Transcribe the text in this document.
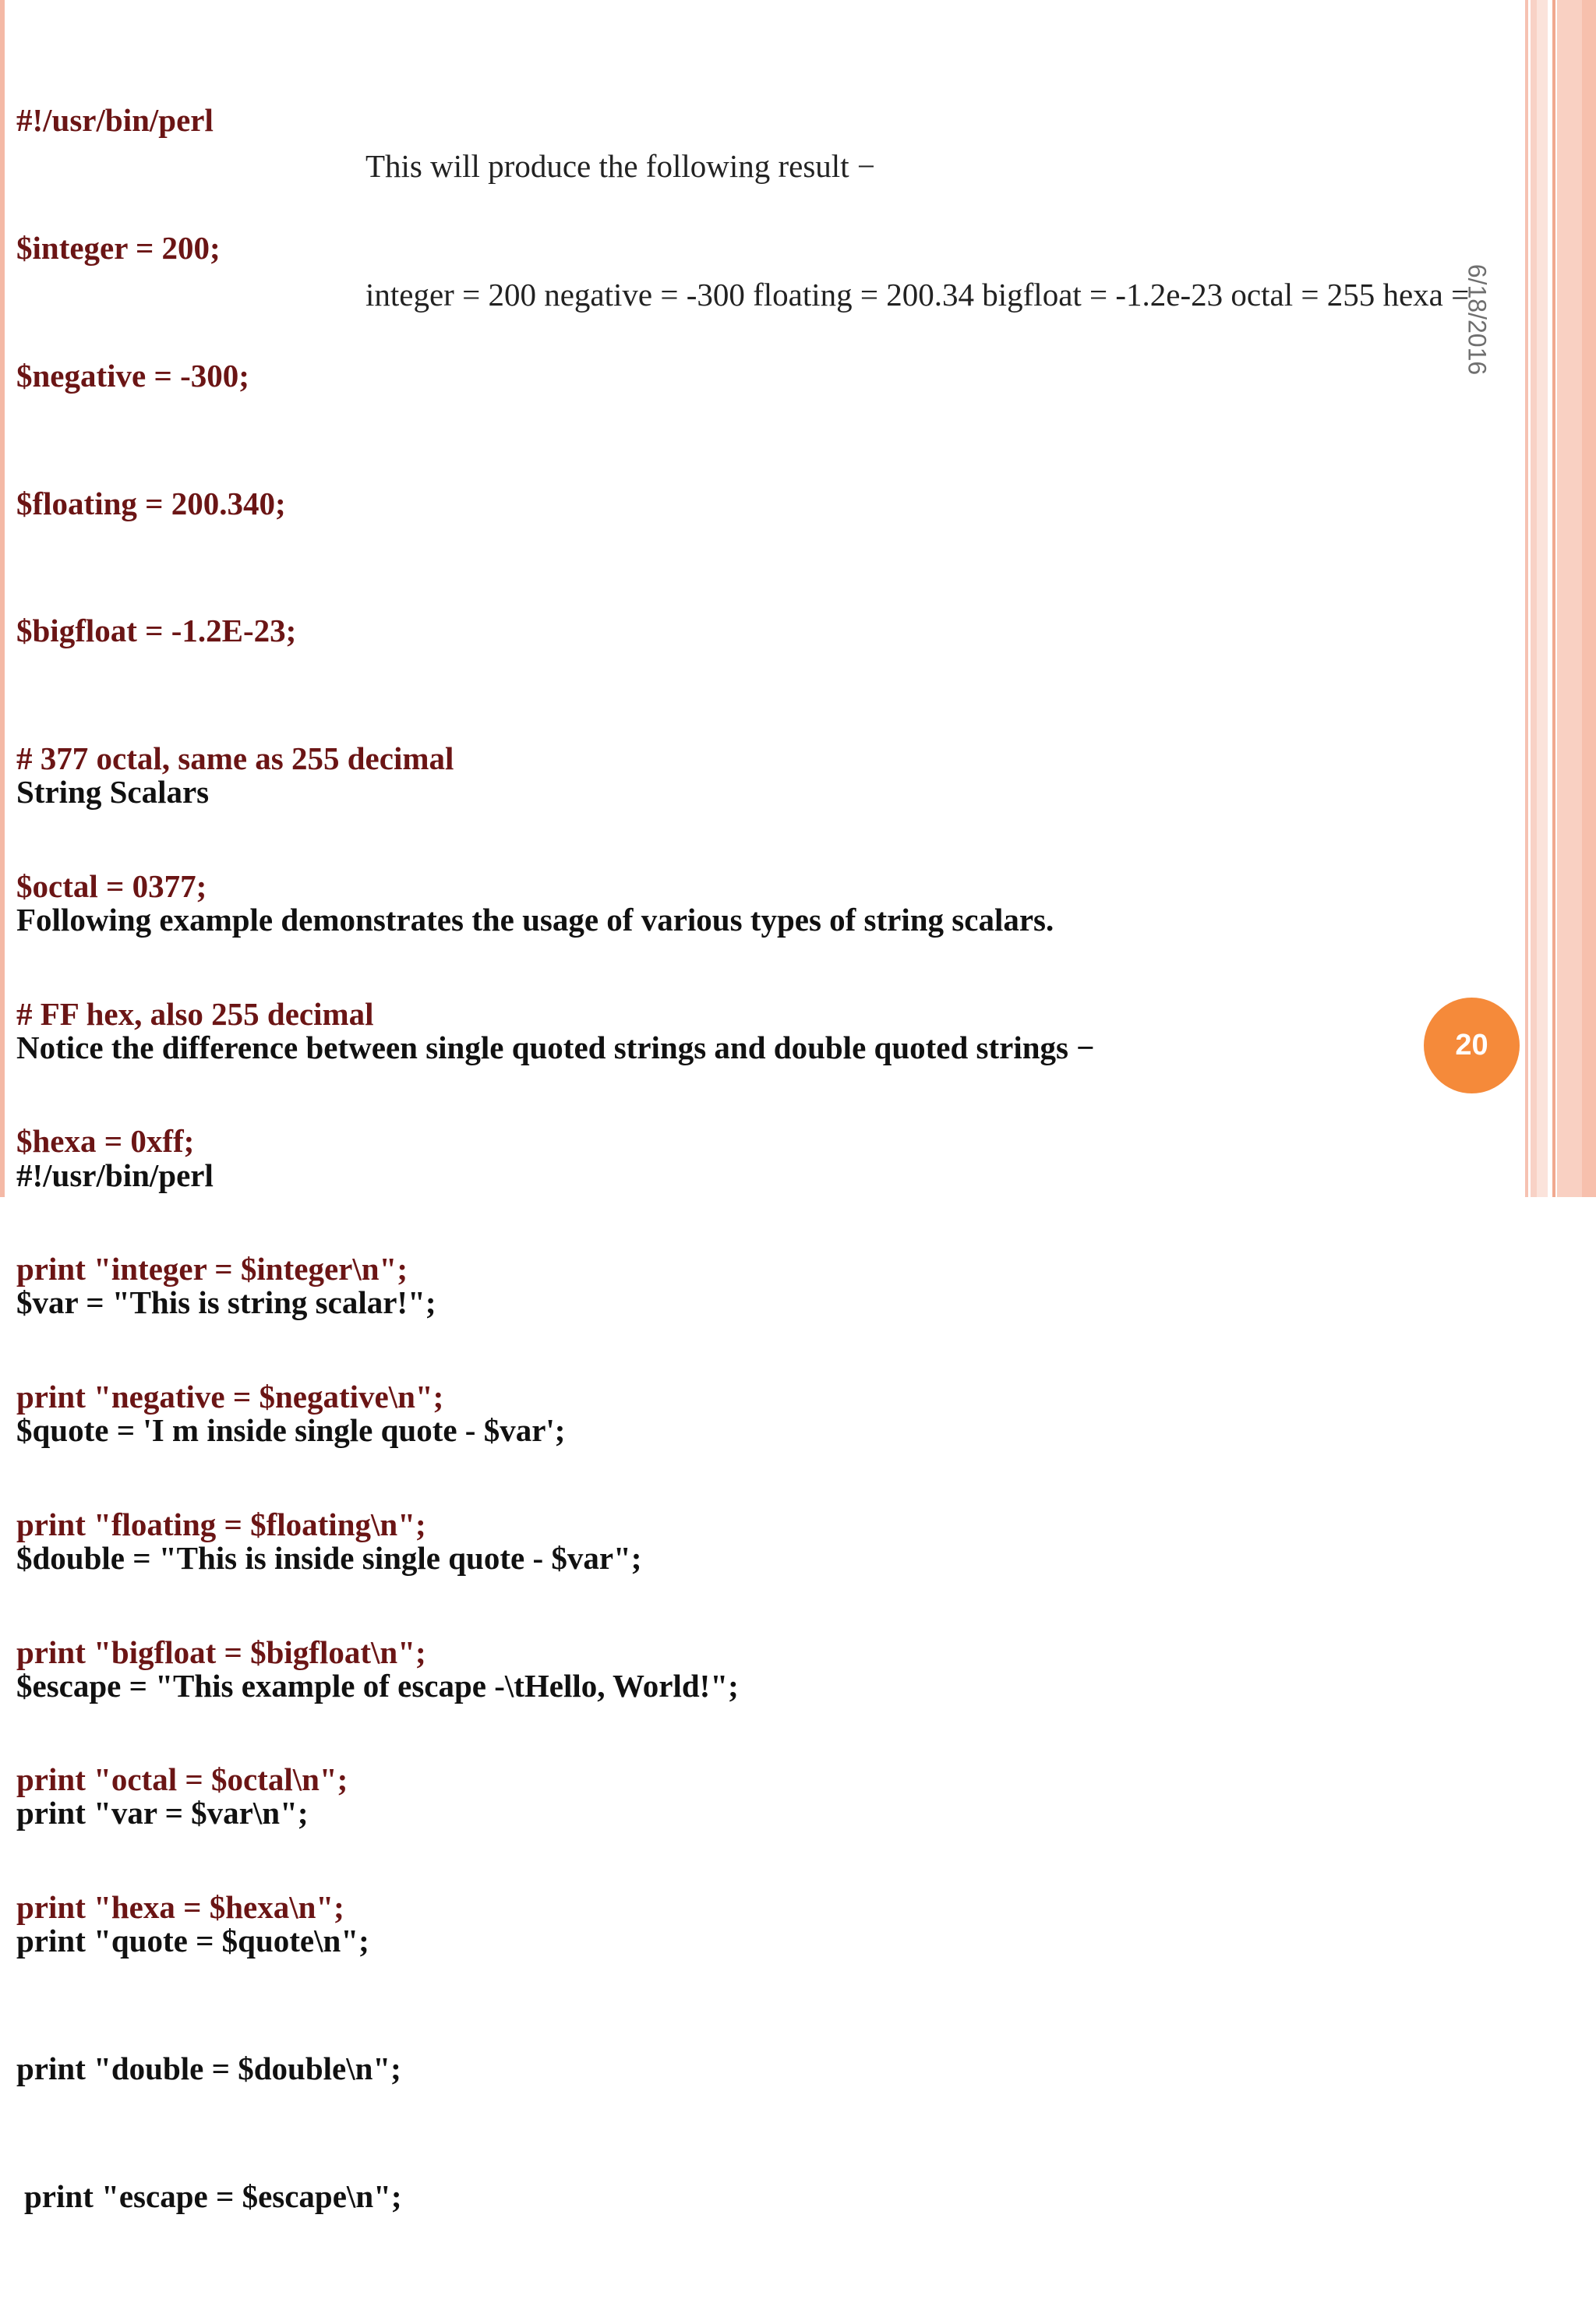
#!/usr/bin/perl

$integer = 200;

$negative = -300;

$floating = 200.340;

$bigfloat = -1.2E-23;

# 377 octal, same as 255 decimal

$octal = 0377;

# FF hex, also 255 decimal

$hexa = 0xff;

print "integer = $integer\n";

print "negative = $negative\n";

print "floating = $floating\n";

print "bigfloat = $bigfloat\n";

print "octal = $octal\n";

print "hexa = $hexa\n";

This will produce the following result −

integer = 200 negative = -300 floating = 200.34 bigfloat = -1.2e-23 octal = 255 hexa =

String Scalars

Following example demonstrates the usage of various types of string scalars.

Notice the difference between single quoted strings and double quoted strings −

#!/usr/bin/perl

$var = "This is string scalar!";

$quote = 'I m inside single quote - $var';

$double = "This is inside single quote - $var";

$escape = "This example of escape -\tHello, World!";

print "var = $var\n";

print "quote = $quote\n";

print "double = $double\n";

print "escape = $escape\n";

6/18/2016
20
